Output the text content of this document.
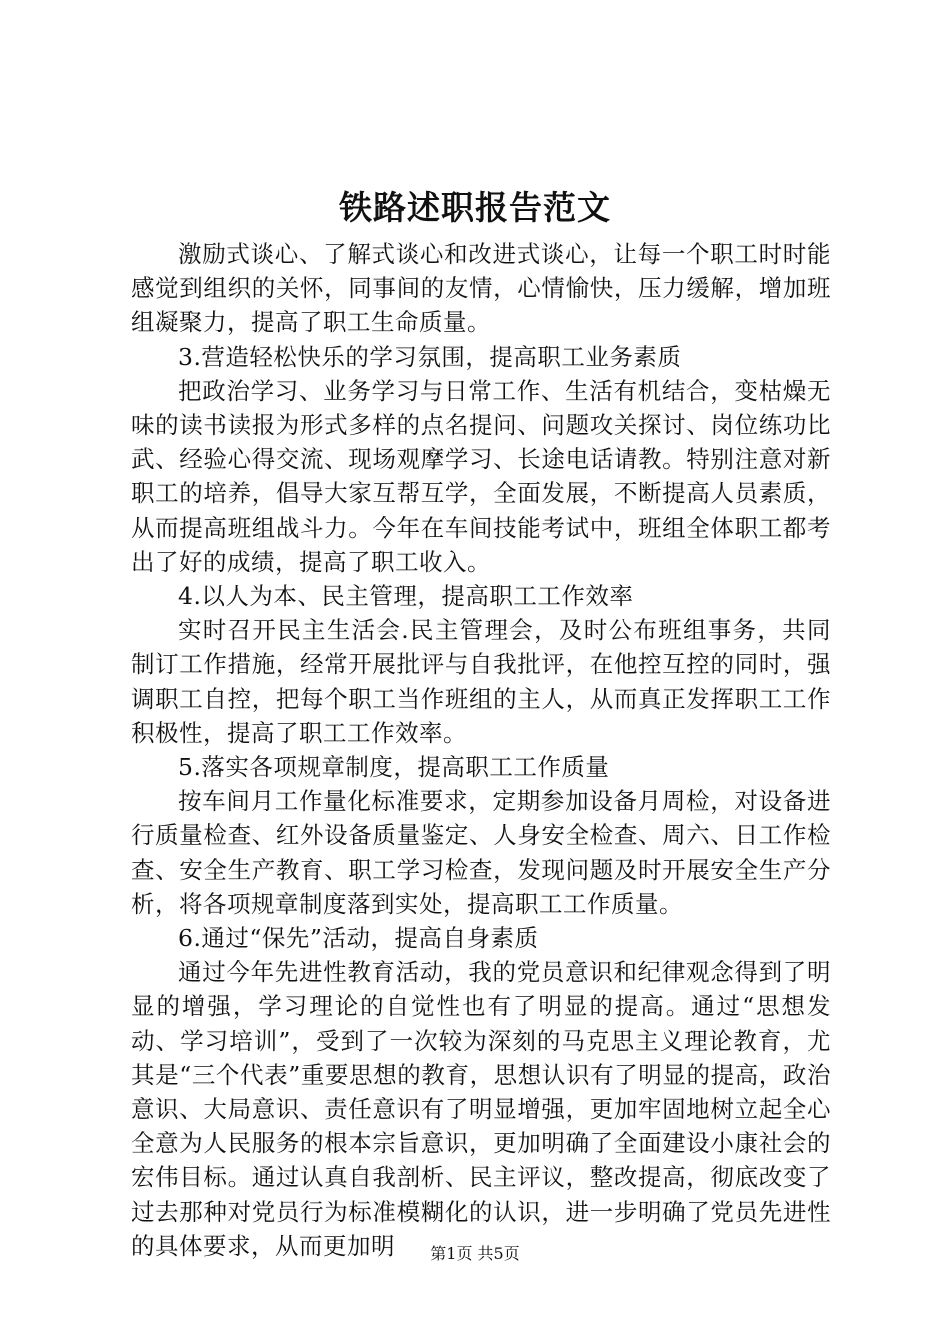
铁路述职报告范文

激励式谈心、了解式谈心和改进式谈心，让每一个职工时时能感觉到组织的关怀，同事间的友情，心情愉快，压力缓解，增加班组凝聚力，提高了职工生命质量。

3.营造轻松快乐的学习氛围，提高职工业务素质

把政治学习、业务学习与日常工作、生活有机结合，变枯燥无味的读书读报为形式多样的点名提问、问题攻关探讨、岗位练功比武、经验心得交流、现场观摩学习、长途电话请教。特别注意对新职工的培养，倡导大家互帮互学，全面发展，不断提高人员素质，从而提高班组战斗力。今年在车间技能考试中，班组全体职工都考出了好的成绩，提高了职工收入。

4.以人为本、民主管理，提高职工工作效率

实时召开民主生活会.民主管理会，及时公布班组事务，共同制订工作措施，经常开展批评与自我批评，在他控互控的同时，强调职工自控，把每个职工当作班组的主人，从而真正发挥职工工作积极性，提高了职工工作效率。

5.落实各项规章制度，提高职工工作质量

按车间月工作量化标准要求，定期参加设备月周检，对设备进行质量检查、红外设备质量鉴定、人身安全检查、周六、日工作检查、安全生产教育、职工学习检查，发现问题及时开展安全生产分析，将各项规章制度落到实处，提高职工工作质量。

6.通过“保先”活动，提高自身素质

通过今年先进性教育活动，我的党员意识和纪律观念得到了明显的增强，学习理论的自觉性也有了明显的提高。通过“思想发动、学习培训”，受到了一次较为深刻的马克思主义理论教育，尤其是“三个代表”重要思想的教育，思想认识有了明显的提高，政治意识、大局意识、责任意识有了明显增强，更加牢固地树立起全心全意为人民服务的根本宗旨意识，更加明确了全面建设小康社会的宏伟目标。通过认真自我剖析、民主评议，整改提高，彻底改变了过去那种对党员行为标准模糊化的认识，进一步明确了党员先进性的具体要求，从而更加明	第1页 共5页
